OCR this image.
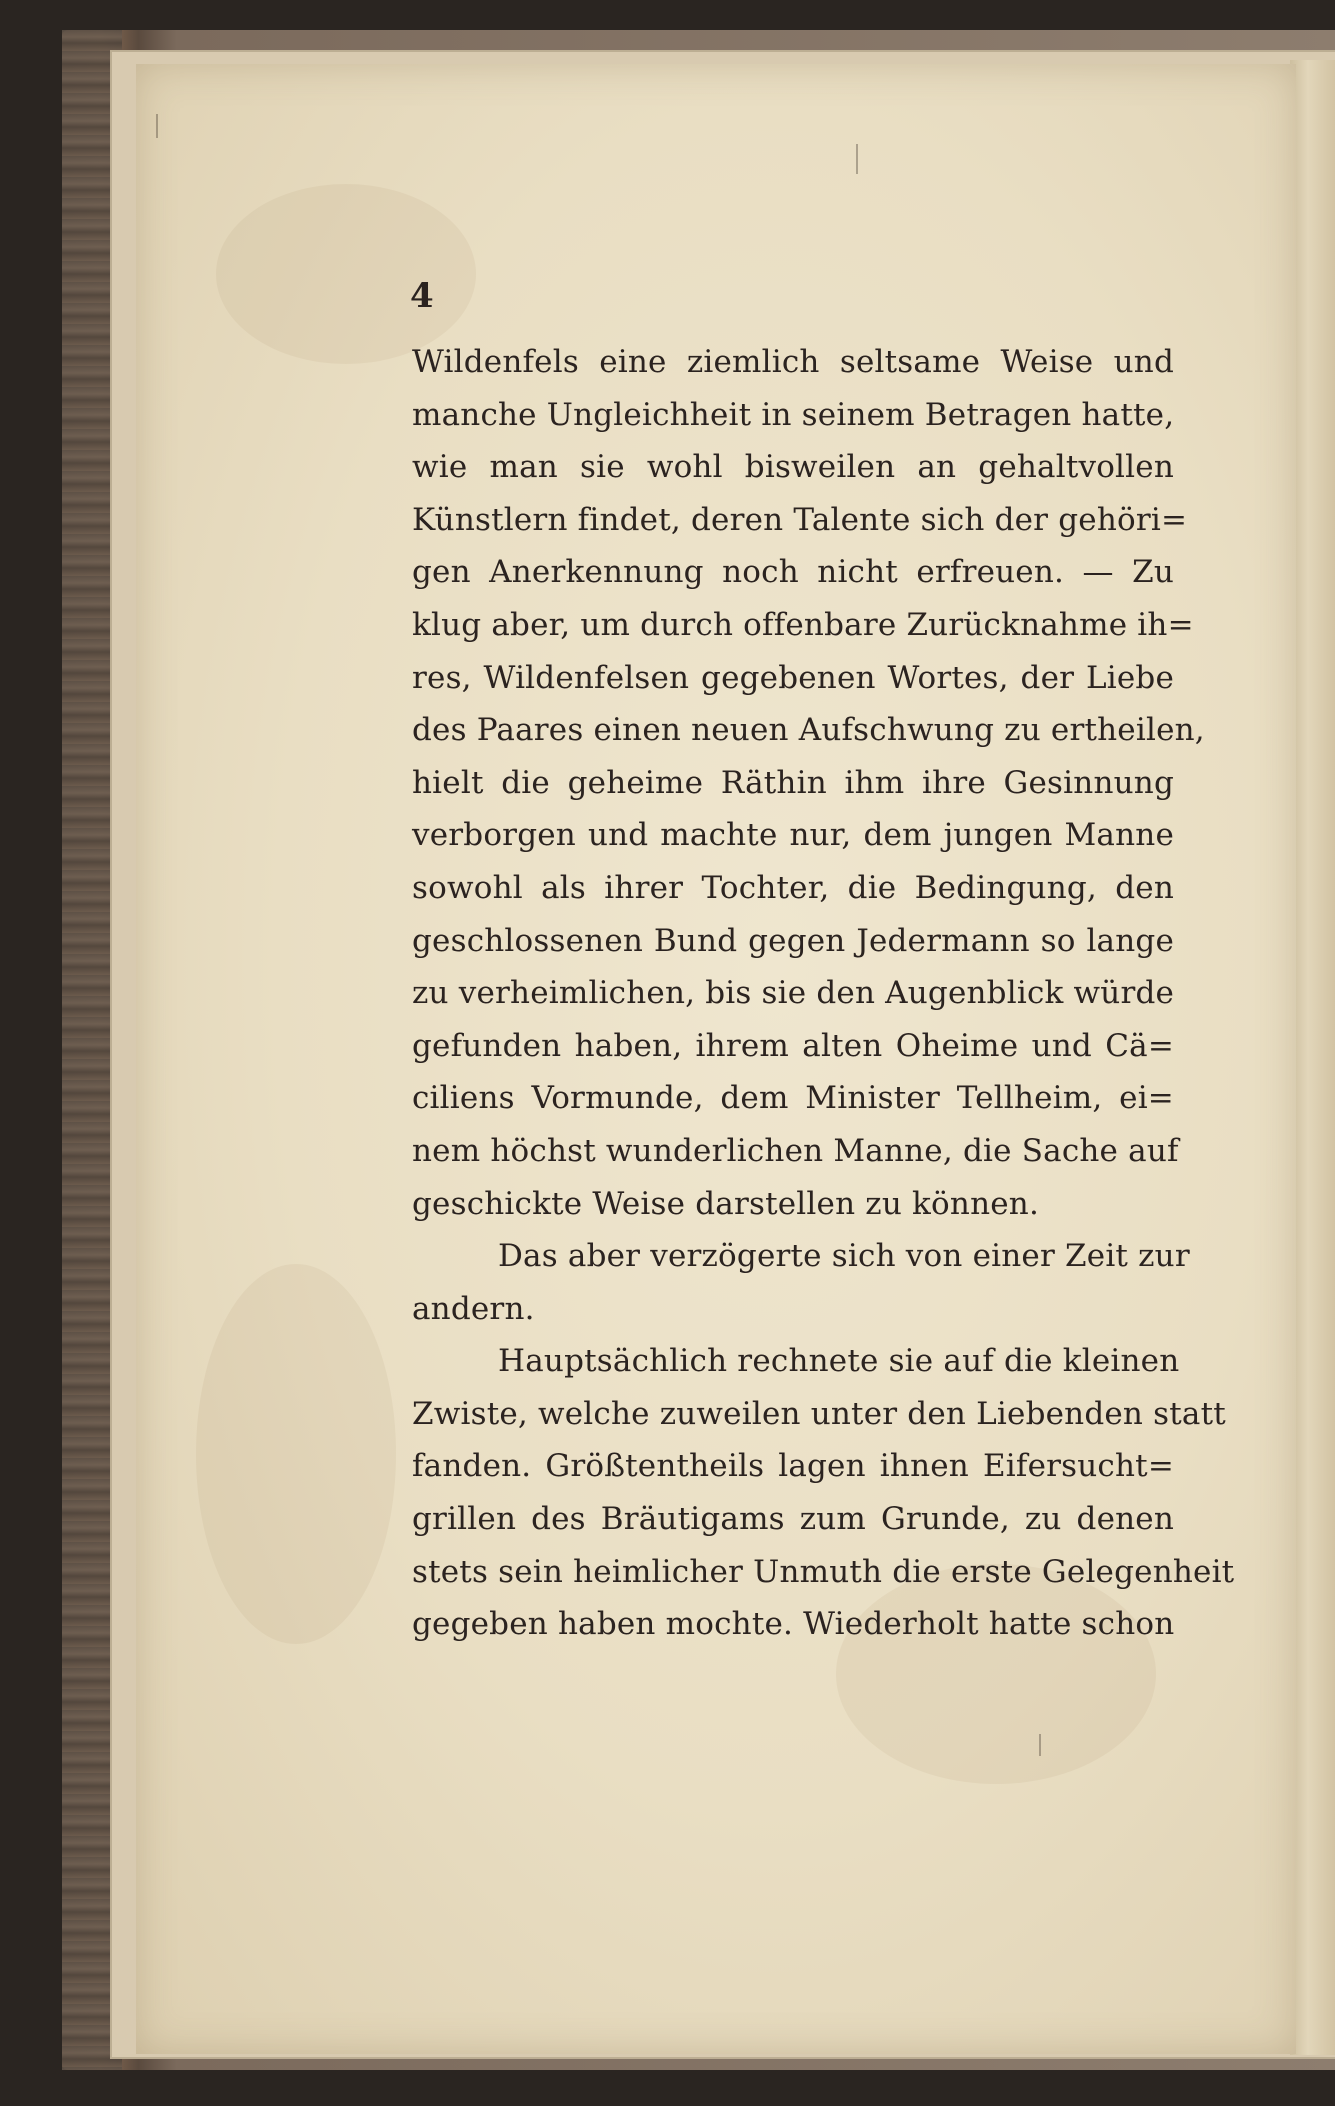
4
Wildenfels eine ziemlich seltsame Weise und
manche Ungleichheit in seinem Betragen hatte,
wie man sie wohl bisweilen an gehaltvollen
Künstlern findet, deren Talente sich der gehöri=
gen Anerkennung noch nicht erfreuen. — Zu
klug aber, um durch offenbare Zurücknahme ih=
res, Wildenfelsen gegebenen Wortes, der Liebe
des Paares einen neuen Aufschwung zu ertheilen,
hielt die geheime Räthin ihm ihre Gesinnung
verborgen und machte nur, dem jungen Manne
sowohl als ihrer Tochter, die Bedingung, den
geschlossenen Bund gegen Jedermann so lange
zu verheimlichen, bis sie den Augenblick würde
gefunden haben, ihrem alten Oheime und Cä=
ciliens Vormunde, dem Minister Tellheim, ei=
nem höchst wunderlichen Manne, die Sache auf
geschickte Weise darstellen zu können.
Das aber verzögerte sich von einer Zeit zur
andern.
Hauptsächlich rechnete sie auf die kleinen
Zwiste, welche zuweilen unter den Liebenden statt
fanden. Größtentheils lagen ihnen Eifersucht=
grillen des Bräutigams zum Grunde, zu denen
stets sein heimlicher Unmuth die erste Gelegenheit
gegeben haben mochte. Wiederholt hatte schon
